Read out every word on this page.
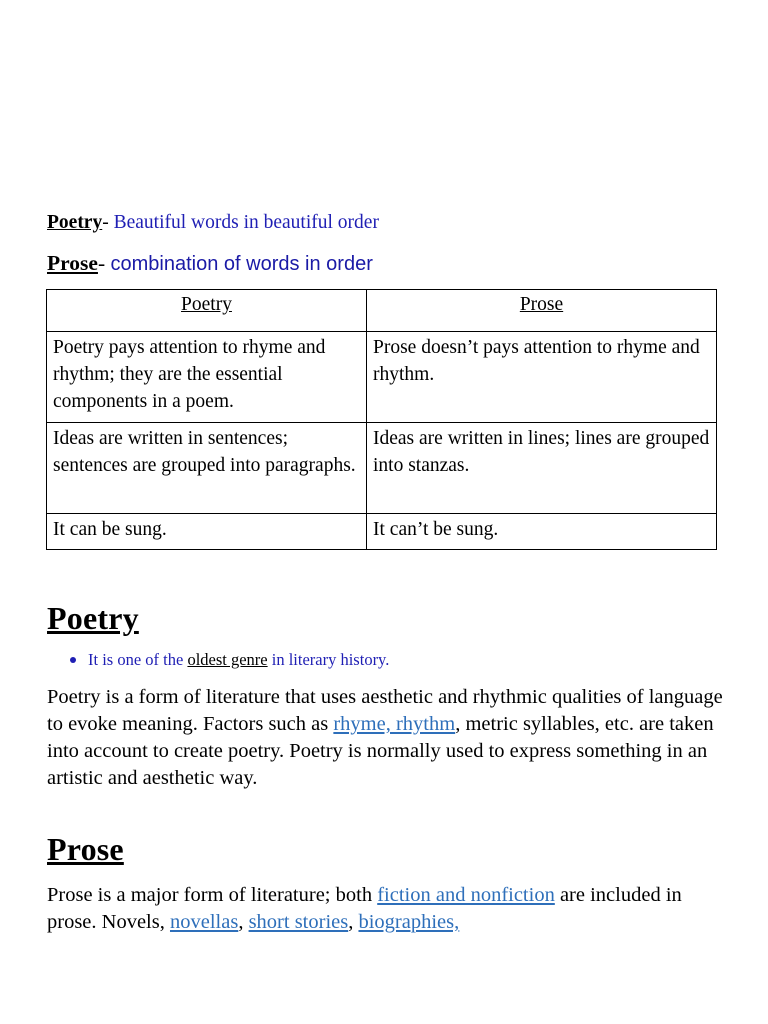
Poetry- Beautiful words in beautiful order
Prose- combination of words in order
Poetry	Prose
Poetry pays attention to rhyme and rhythm; they are the essential components in a poem.	Prose doesn’t pays attention to rhyme and rhythm.
Ideas are written in sentences; sentences are grouped into paragraphs.	Ideas are written in lines; lines are grouped into stanzas.
It can be sung.	It can’t be sung.
Poetry
It is one of the oldest genre in literary history.
Poetry is a form of literature that uses aesthetic and rhythmic qualities of language to evoke meaning. Factors such as rhyme, rhythm, metric syllables, etc. are taken into account to create poetry. Poetry is normally used to express something in an artistic and aesthetic way.
Prose
Prose is a major form of literature; both fiction and nonfiction are included in prose. Novels, novellas, short stories, biographies,
